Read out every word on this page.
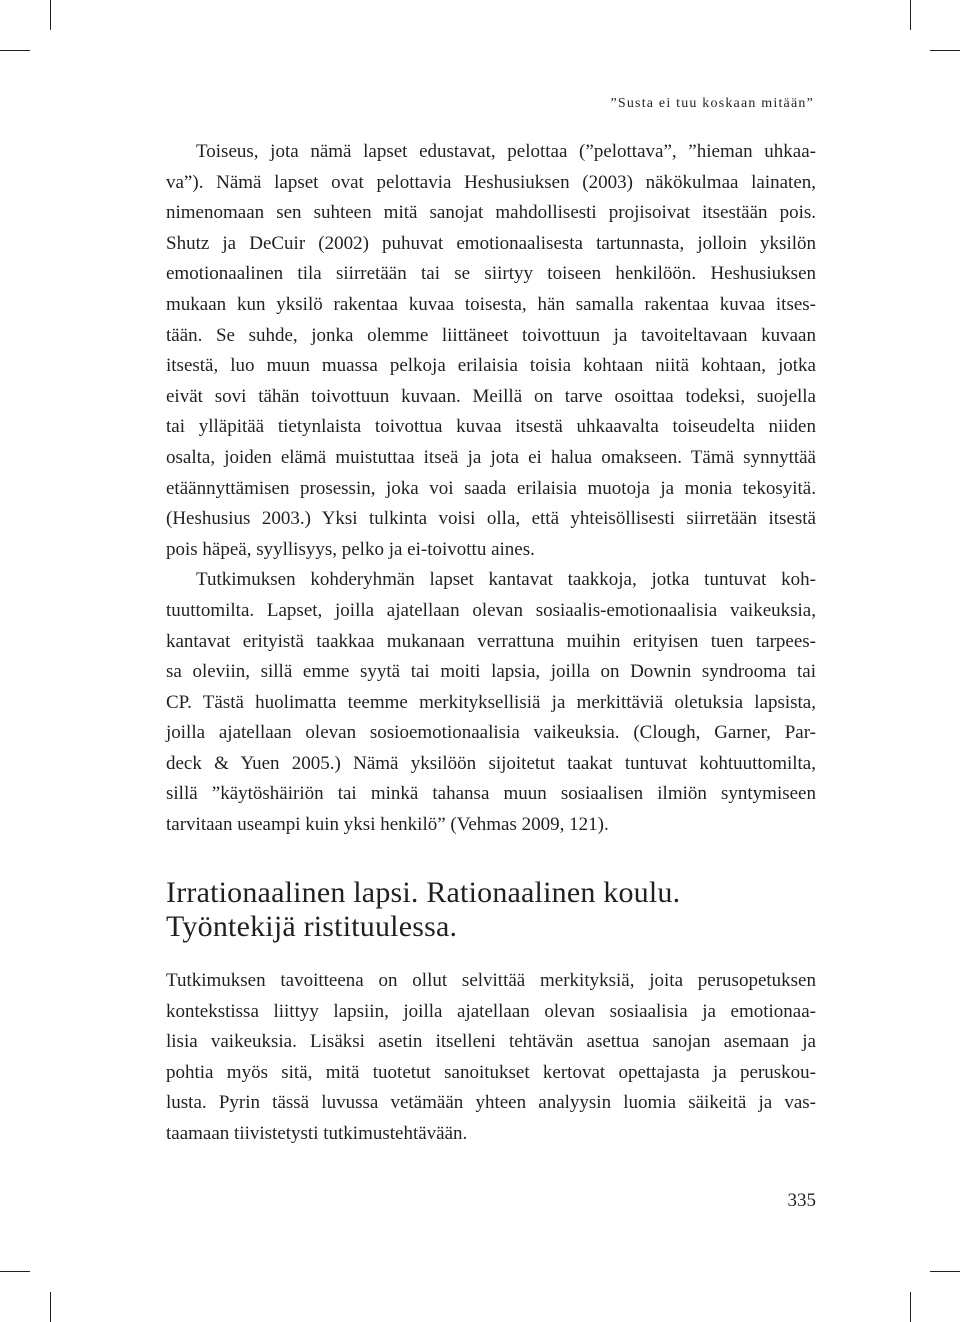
”Susta ei tuu koskaan mitään”

Toiseus, jota nämä lapset edustavat, pelottaa (”pelottava”, ”hieman uhkaa-
va”). Nämä lapset ovat pelottavia Heshusiuksen (2003) näkökulmaa lainaten,
nimenomaan sen suhteen mitä sanojat mahdollisesti projisoivat itsestään pois.
Shutz ja DeCuir (2002) puhuvat emotionaalisesta tartunnasta, jolloin yksilön
emotionaalinen tila siirretään tai se siirtyy toiseen henkilöön. Heshusiuksen
mukaan kun yksilö rakentaa kuvaa toisesta, hän samalla rakentaa kuvaa itses-
tään. Se suhde, jonka olemme liittäneet toivottuun ja tavoiteltavaan kuvaan
itsestä, luo muun muassa pelkoja erilaisia toisia kohtaan niitä kohtaan, jotka
eivät sovi tähän toivottuun kuvaan. Meillä on tarve osoittaa todeksi, suojella
tai ylläpitää tietynlaista toivottua kuvaa itsestä uhkaavalta toiseudelta niiden
osalta, joiden elämä muistuttaa itseä ja jota ei halua omakseen. Tämä synnyttää
etäännyttämisen prosessin, joka voi saada erilaisia muotoja ja monia tekosyitä.
(Heshusius 2003.) Yksi tulkinta voisi olla, että yhteisöllisesti siirretään itsestä
pois häpeä, syyllisyys, pelko ja ei-toivottu aines.

Tutkimuksen kohderyhmän lapset kantavat taakkoja, jotka tuntuvat koh-
tuuttomilta. Lapset, joilla ajatellaan olevan sosiaalis-emotionaalisia vaikeuksia,
kantavat erityistä taakkaa mukanaan verrattuna muihin erityisen tuen tarpees-
sa oleviin, sillä emme syytä tai moiti lapsia, joilla on Downin syndrooma tai
CP. Tästä huolimatta teemme merkityksellisiä ja merkittäviä oletuksia lapsista,
joilla ajatellaan olevan sosioemotionaalisia vaikeuksia. (Clough, Garner, Par-
deck & Yuen 2005.) Nämä yksilöön sijoitetut taakat tuntuvat kohtuuttomilta,
sillä ”käytöshäiriön tai minkä tahansa muun sosiaalisen ilmiön syntymiseen
tarvitaan useampi kuin yksi henkilö” (Vehmas 2009, 121).

Irrationaalinen lapsi. Rationaalinen koulu.
Työntekijä ristituulessa.

Tutkimuksen tavoitteena on ollut selvittää merkityksiä, joita perusopetuksen
kontekstissa liittyy lapsiin, joilla ajatellaan olevan sosiaalisia ja emotionaa-
lisia vaikeuksia. Lisäksi asetin itselleni tehtävän asettua sanojan asemaan ja
pohtia myös sitä, mitä tuotetut sanoitukset kertovat opettajasta ja peruskou-
lusta. Pyrin tässä luvussa vetämään yhteen analyysin luomia säikeitä ja vas-
taamaan tiivistetysti tutkimustehtävään.

335
